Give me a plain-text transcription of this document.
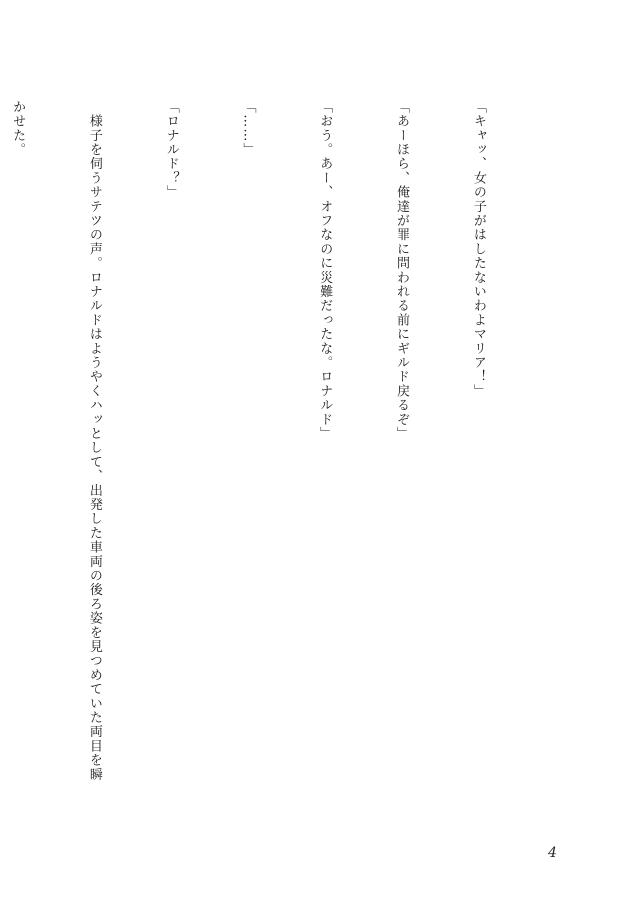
「キャッ、女の子がはしたないわよマリア！」

「あーほら、俺達が罪に問われる前にギルド戻るぞ」

「おう。あー、オフなのに災難だったな。ロナルド」

「……」

「ロナルド？」

　様子を伺うサテツの声。ロナルドはようやくハッとして、出発した車両の後ろ姿を見つめていた両目を瞬

かせた。

4
